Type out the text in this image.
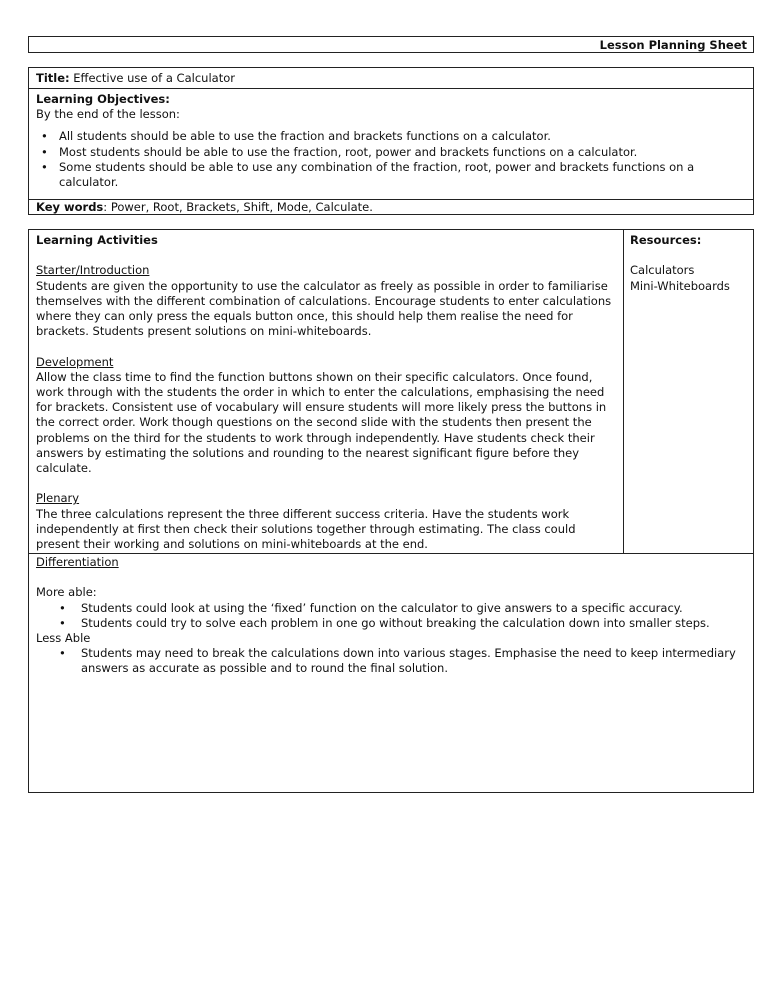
Lesson Planning Sheet
Title: Effective use of a Calculator
Learning Objectives:
By the end of the lesson:
• All students should be able to use the fraction and brackets functions on a calculator.
• Most students should be able to use the fraction, root, power and brackets functions on a calculator.
• Some students should be able to use any combination of the fraction, root, power and brackets functions on a calculator.
Key words: Power, Root, Brackets, Shift, Mode, Calculate.
Learning Activities
Starter/Introduction

Students are given the opportunity to use the calculator as freely as possible in order to familiarise themselves with the different combination of calculations. Encourage students to enter calculations where they can only press the equals button once, this should help them realise the need for brackets. Students present solutions on mini-whiteboards.

Development

Allow the class time to find the function buttons shown on their specific calculators. Once found, work through with the students the order in which to enter the calculations, emphasising the need for brackets. Consistent use of vocabulary will ensure students will more likely press the buttons in the correct order. Work though questions on the second slide with the students then present the problems on the third for the students to work through independently. Have students check their answers by estimating the solutions and rounding to the nearest significant figure before they calculate.

Plenary

The three calculations represent the three different success criteria. Have the students work independently at first then check their solutions together through estimating. The class could present their working and solutions on mini-whiteboards at the end.

Resources:
Calculators
Mini-Whiteboards
Differentiation
More able:
• Students could look at using the ‘fixed’ function on the calculator to give answers to a specific accuracy.
• Students could try to solve each problem in one go without breaking the calculation down into smaller steps.
Less Able
• Students may need to break the calculations down into various stages. Emphasise the need to keep intermediary answers as accurate as possible and to round the final solution.
